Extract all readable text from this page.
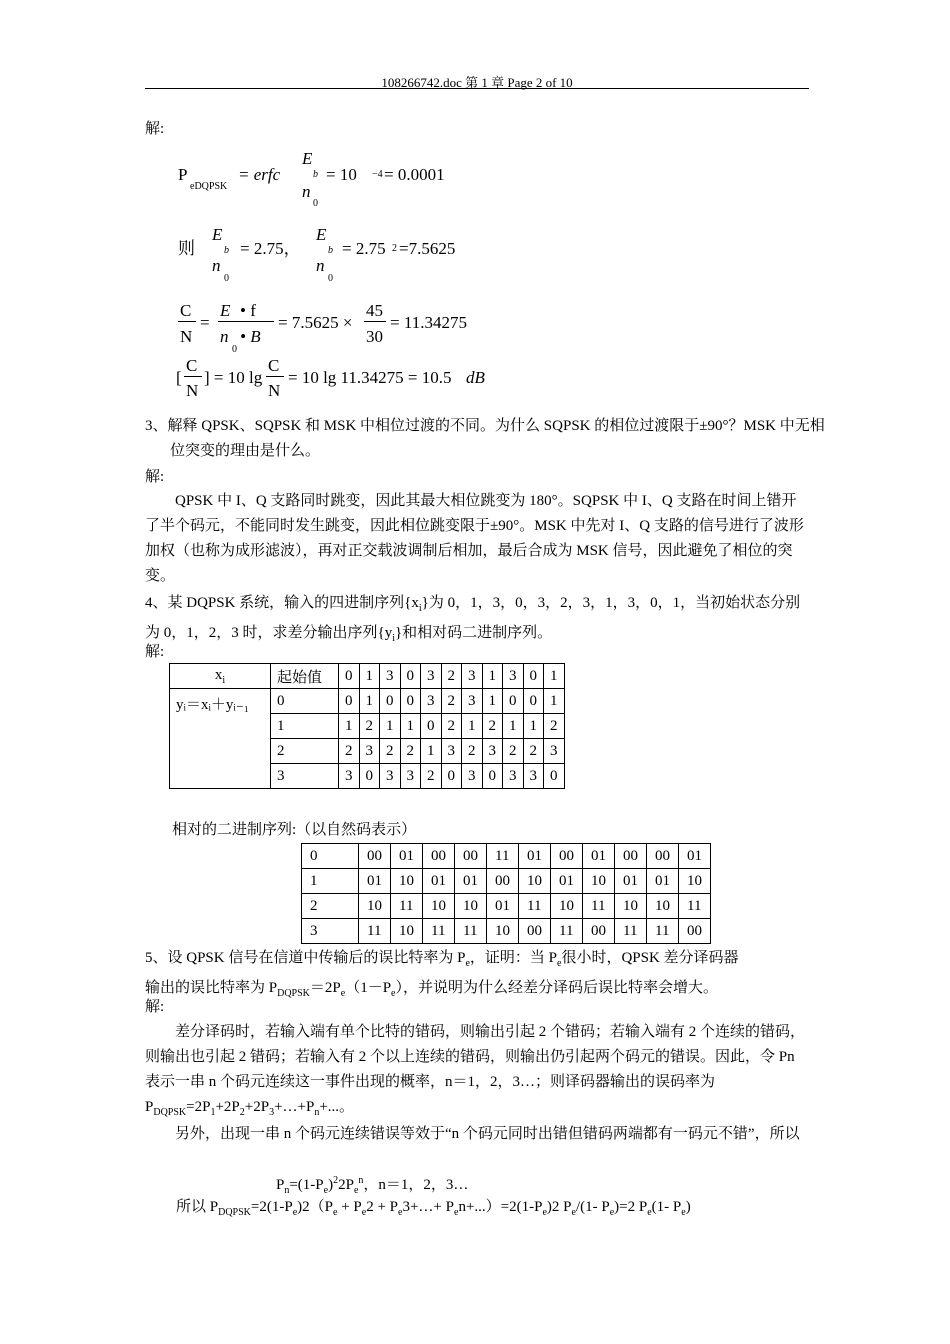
108266742.doc 第 1 章 Page 2 of 10
解:
P
eDQPSK
= erfc
E
b
n
0
= 10 −4 = 0.0001
则
E
b
n
0
= 2.75，
E
b
n
0
= 2.75 2 =7.5625
C
N
=
E • f
n
0
• B
= 7.5625 ×
45
30
= 11.34275
[
C
N
] = 10 lg
C
N
= 10 lg 11.34275 = 10.5 dB
3、解释 QPSK、SQPSK 和 MSK 中相位过渡的不同。为什么 SQPSK 的相位过渡限于±90°？MSK 中无相位突变的理由是什么。
解:
QPSK 中 I、Q 支路同时跳变，因此其最大相位跳变为 180°。SQPSK 中 I、Q 支路在时间上错开了半个码元，不能同时发生跳变，因此相位跳变限于±90°。MSK 中先对 I、Q 支路的信号进行了波形加权（也称为成形滤波），再对正交载波调制后相加，最后合成为 MSK 信号，因此避免了相位的突变。
4、某 DQPSK 系统，输入的四进制序列$\{x_i\}$为 0，1，3，0，3，2，3，1，3，0，1，当初始状态分别为 0，1，2，3 时，求差分输出序列$\{y_i\}$和相对码二进制序列。
解:
$x_i$	起始值	0	1	3	0	3	2	3	1	3	0	1
yᵢ＝xᵢ＋yᵢ₋₁	0	0	1	0	0	3	2	3	1	0	0	1
	1	1	2	1	1	0	2	1	2	1	1	2
	2	2	3	2	2	1	3	2	3	2	2	3
	3	3	0	3	3	2	0	3	0	3	3	0
相对的二进制序列:（以自然码表示）
0	00	01	00	00	11	01	00	01	00	00	01
1	01	10	01	01	00	10	01	10	01	01	10
2	10	11	10	10	01	11	10	11	10	10	11
3	11	10	11	11	10	00	11	00	11	11	00
5、设 QPSK 信号在信道中传输后的误比特率为 $P_e$，证明：当 $P_e$很小时，QPSK 差分译码器
输出的误比特率为 $P_{DQPSK}=2P_e(1-P_e)$，并说明为什么经差分译码后误比特率会增大。
解:
差分译码时，若输入端有单个比特的错码，则输出引起 2 个错码；若输入端有 2 个连续的错码，则输出也引起 2 错码；若输入有 2 个以上连续的错码，则输出仍引起两个码元的错误。因此，令 Pn 表示一串 n 个码元连续这一事件出现的概率，n＝1，2，3…；则译码器输出的误码率为 $P_{DQPSK}=2P_1+2P_2+2P_3+\dots+P_n+$...。
另外，出现一串 n 个码元连续错误等效于“n 个码元同时出错但错码两端都有一码元不错”，所以
$P_n=(1-P_e)^22P_e^n$，n＝1，2，3…
所以 $P_{DQPSK}=2(1-P_e)2(P_e + P_e2$ + $P_e3+\dots+ P_en+...)=2(1-P_e)2$ $P_e/(1-$ $P_e)=2$ $P_e(1-$ $P_e$)
